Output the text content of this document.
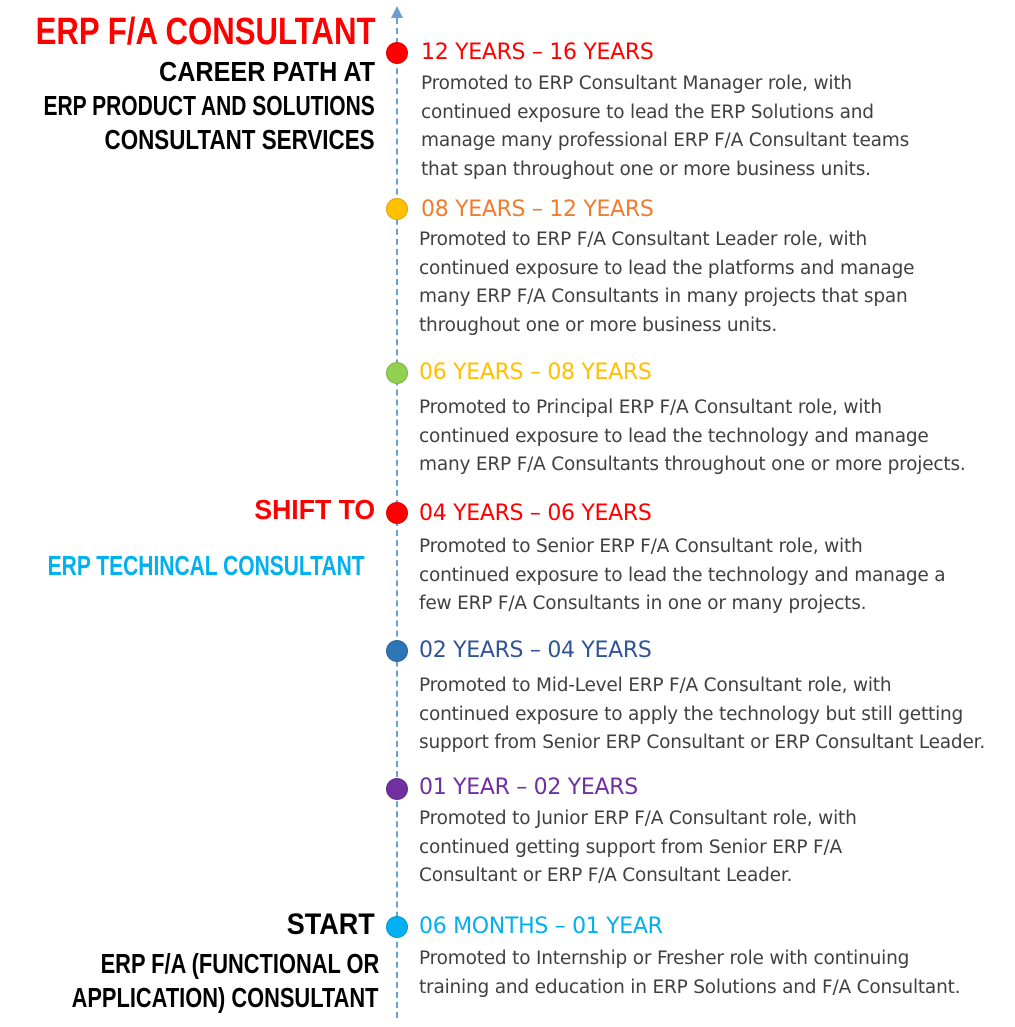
ERP F/A CONSULTANT
CAREER PATH AT
ERP PRODUCT AND SOLUTIONS
CONSULTANT SERVICES
SHIFT TO
ERP TECHINCAL CONSULTANT
START
ERP F/A (FUNCTIONAL OR
APPLICATION) CONSULTANT
12 YEARS – 16 YEARS
Promoted to ERP Consultant Manager role, with
continued exposure to lead the ERP Solutions and
manage many professional ERP F/A Consultant teams
that span throughout one or more business units.
08 YEARS – 12 YEARS
Promoted to ERP F/A Consultant Leader role, with
continued exposure to lead the platforms and manage
many ERP F/A Consultants in many projects that span
throughout one or more business units.
06 YEARS – 08 YEARS
Promoted to Principal ERP F/A Consultant role, with
continued exposure to lead the technology and manage
many ERP F/A Consultants throughout one or more projects.
04 YEARS – 06 YEARS
Promoted to Senior ERP F/A Consultant role, with
continued exposure to lead the technology and manage a
few ERP F/A Consultants in one or many projects.
02 YEARS – 04 YEARS
Promoted to Mid-Level ERP F/A Consultant role, with
continued exposure to apply the technology but still getting
support from Senior ERP Consultant or ERP Consultant Leader.
01 YEAR – 02 YEARS
Promoted to Junior ERP F/A Consultant role, with
continued getting support from Senior ERP F/A
Consultant or ERP F/A Consultant Leader.
06 MONTHS – 01 YEAR
Promoted to Internship or Fresher role with continuing
training and education in ERP Solutions and F/A Consultant.
